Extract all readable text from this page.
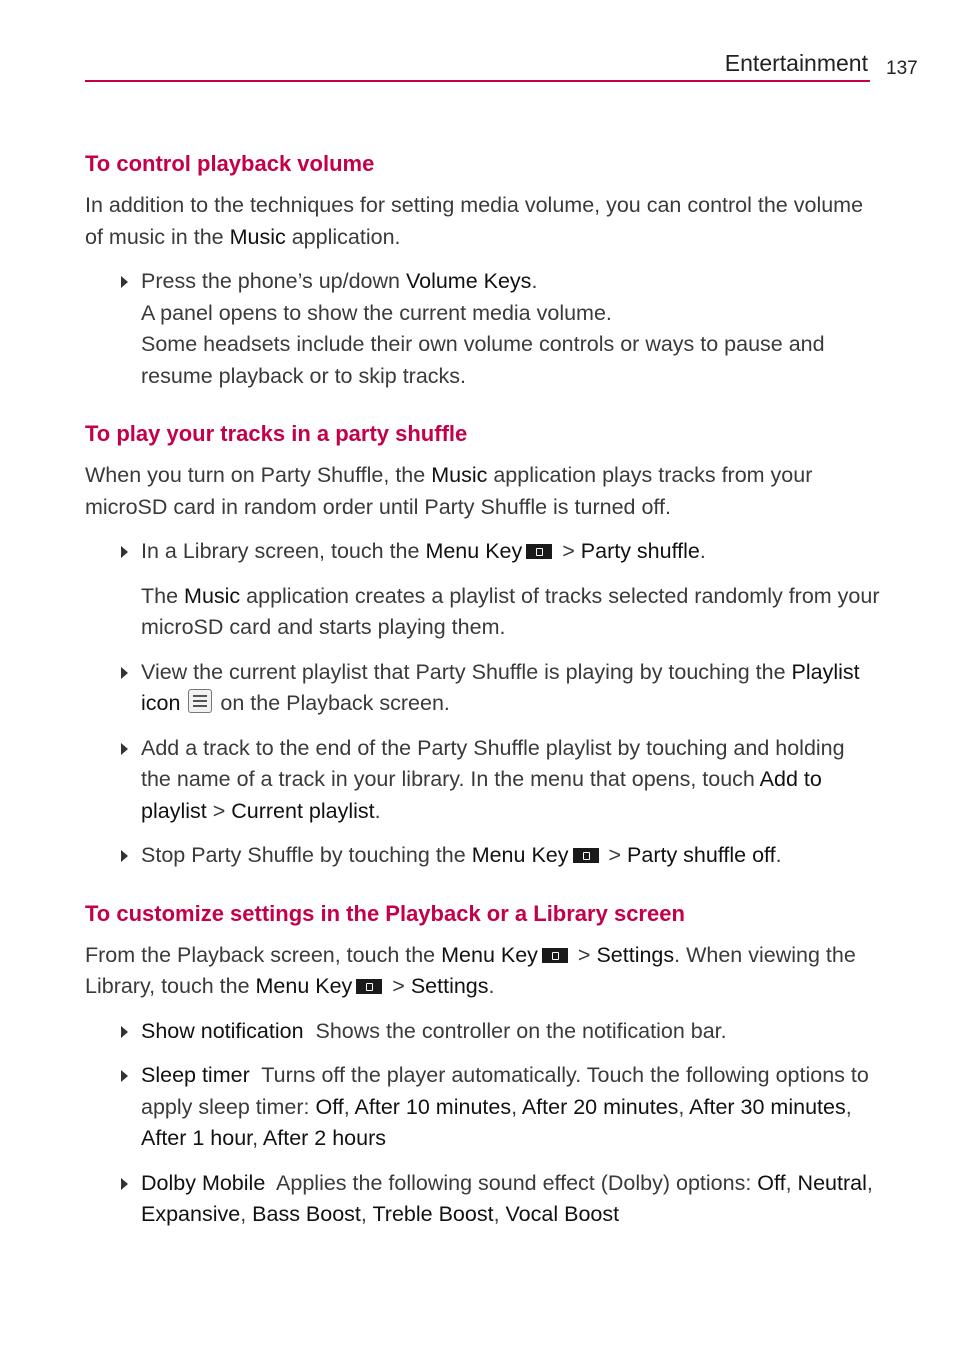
Entertainment 137
To control playback volume

In addition to the techniques for setting media volume, you can control the volume of music in the Music application.

Press the phone’s up/down Volume Keys.
A panel opens to show the current media volume.
Some headsets include their own volume controls or ways to pause and resume playback or to skip tracks.
To play your tracks in a party shuffle

When you turn on Party Shuffle, the Music application plays tracks from your microSD card in random order until Party Shuffle is turned off.

In a Library screen, touch the Menu Key > Party shuffle.
The Music application creates a playlist of tracks selected randomly from your microSD card and starts playing them.
View the current playlist that Party Shuffle is playing by touching the Playlist icon
on the Playback screen.
Add a track to the end of the Party Shuffle playlist by touching and holding the name of a track in your library. In the menu that opens, touch Add to playlist > Current playlist.
Stop Party Shuffle by touching the Menu Key > Party shuffle off.
To customize settings in the Playback or a Library screen

From the Playback screen, touch the Menu Key > Settings. When viewing the Library, touch the Menu Key > Settings.

Show notification  Shows the controller on the notification bar.
Sleep timer  Turns off the player automatically. Touch the following options to apply sleep timer: Off, After 10 minutes, After 20 minutes, After 30 minutes, After 1 hour, After 2 hours
Dolby Mobile  Applies the following sound effect (Dolby) options: Off, Neutral, Expansive, Bass Boost, Treble Boost, Vocal Boost
